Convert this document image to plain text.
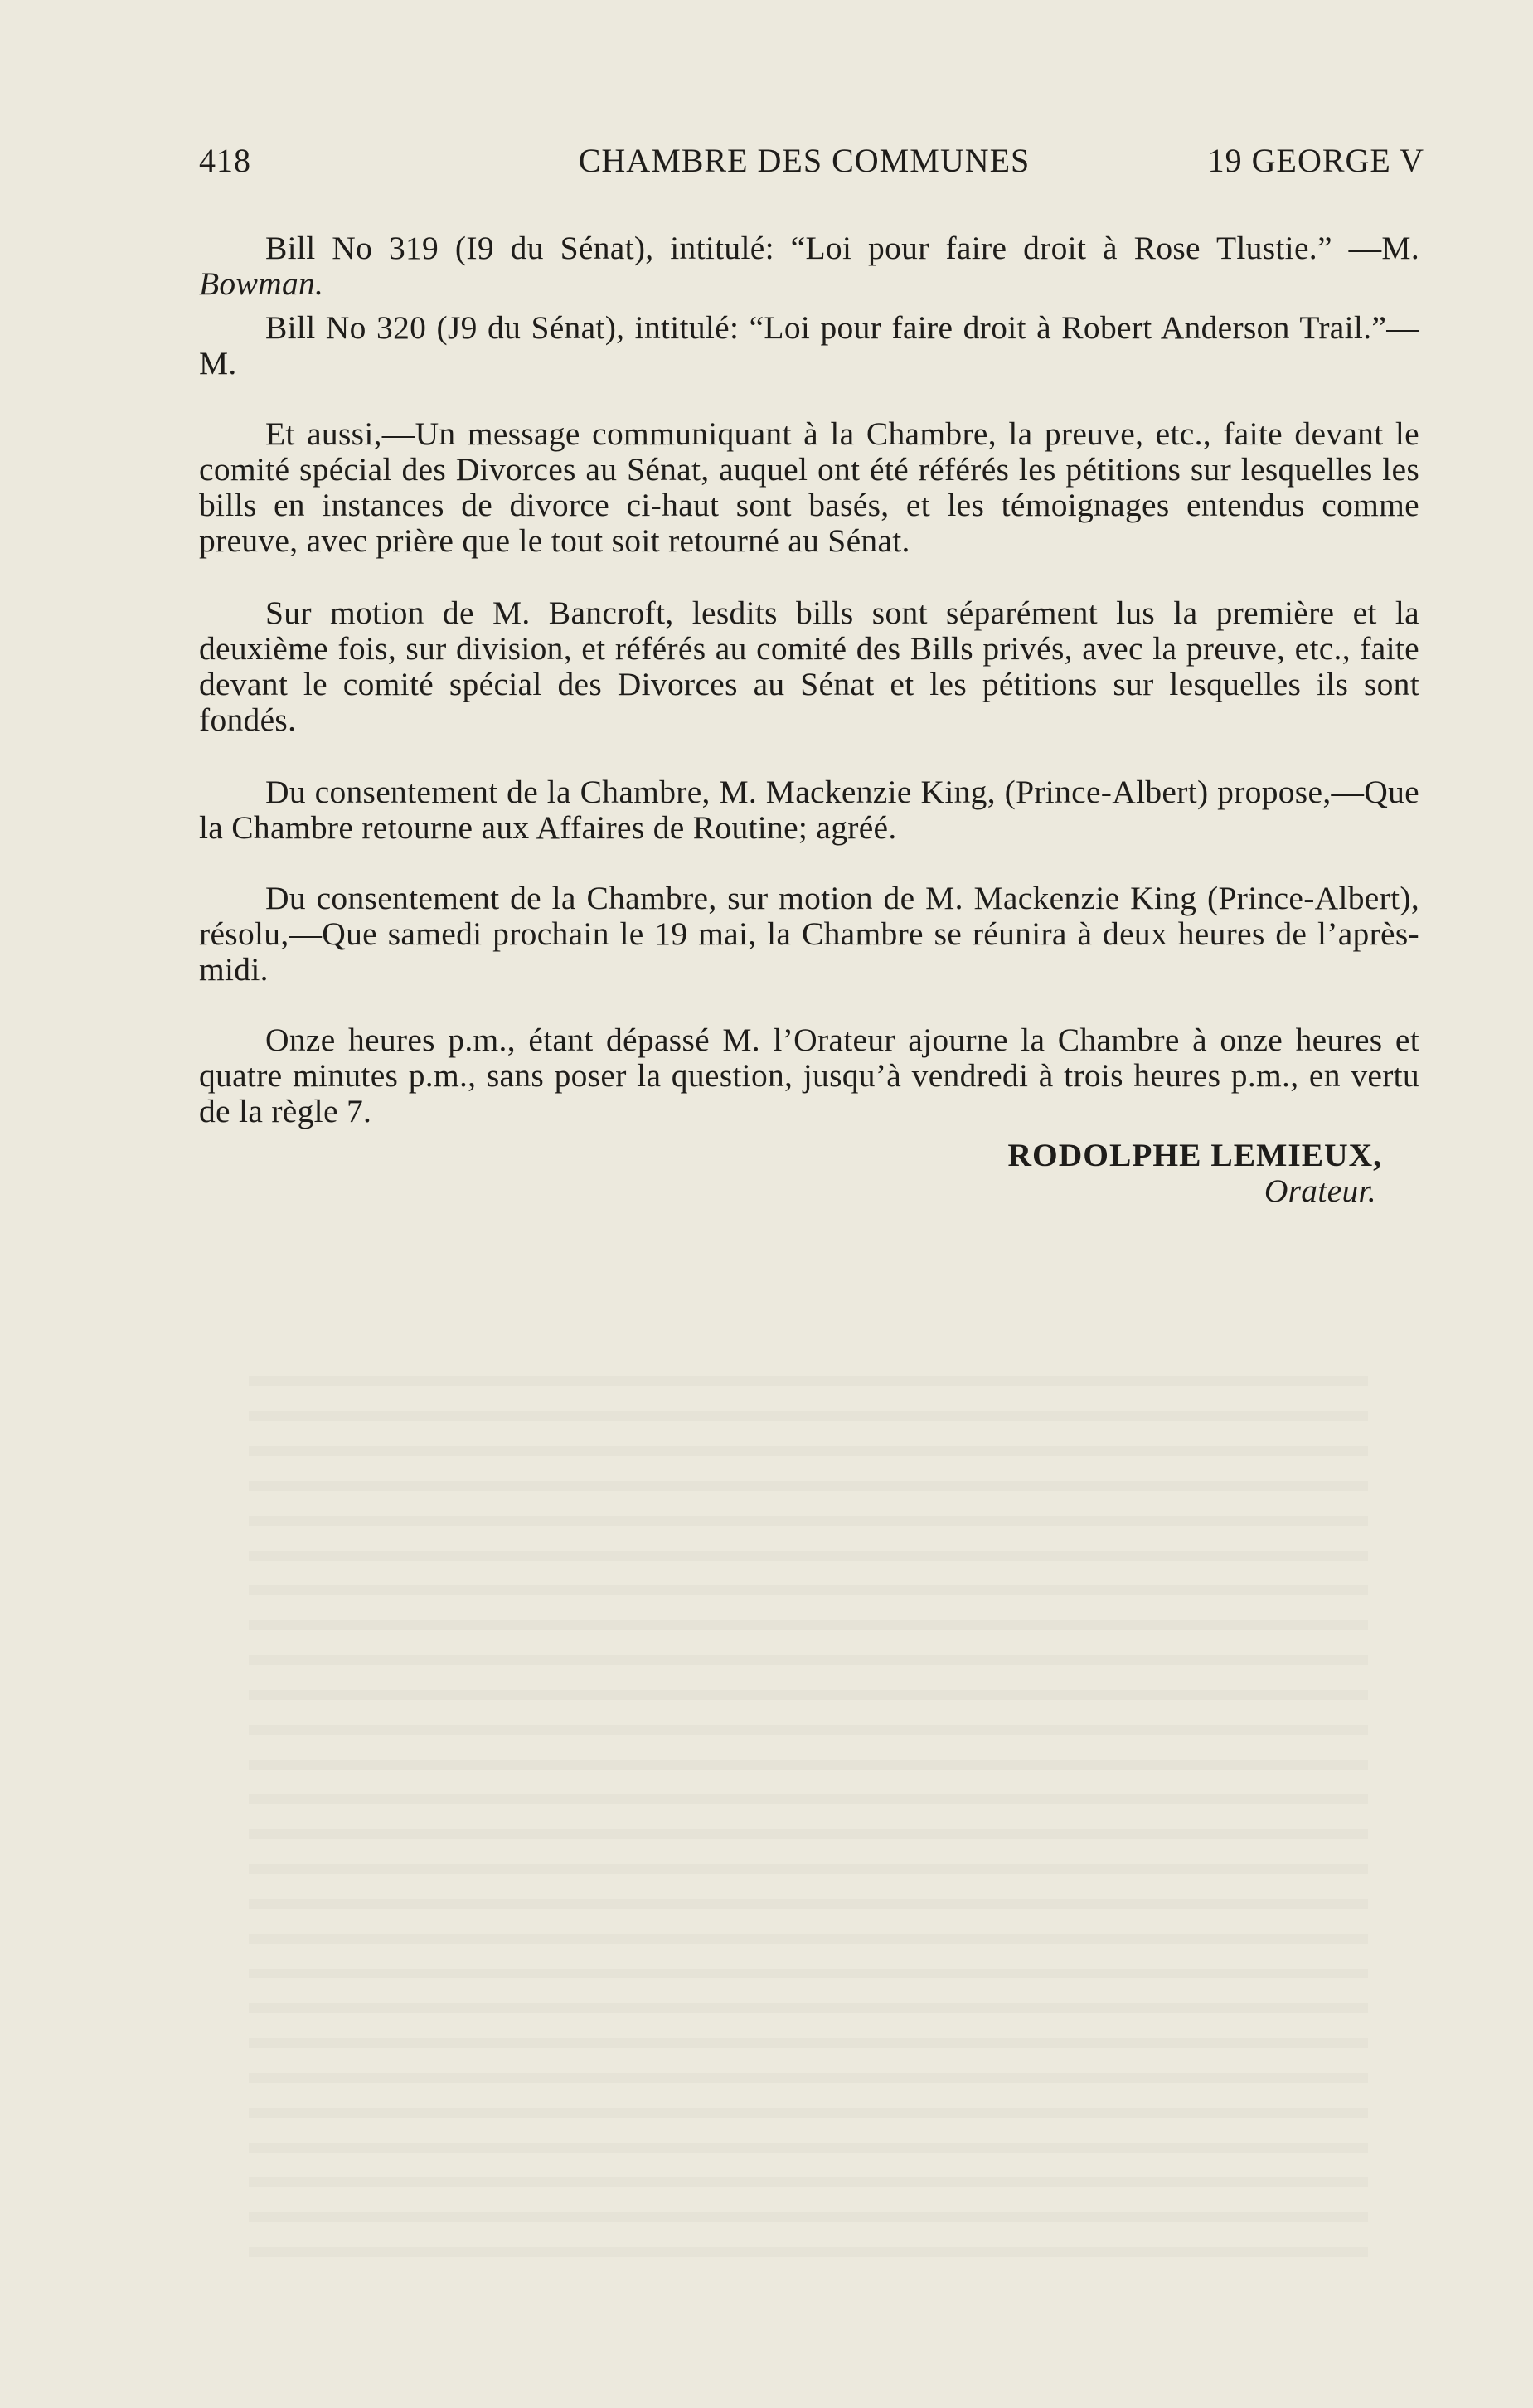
418	CHAMBRE DES COMMUNES	19 GEORGE V

Bill No 319 (I9 du Sénat), intitulé: “Loi pour faire droit à Rose Tlustie.” —M. Bowman.

Bill No 320 (J9 du Sénat), intitulé: “Loi pour faire droit à Robert Anderson Trail.”—M.

Et aussi,—Un message communiquant à la Chambre, la preuve, etc., faite devant le comité spécial des Divorces au Sénat, auquel ont été référés les pétitions sur lesquelles les bills en instances de divorce ci-haut sont basés, et les témoignages entendus comme preuve, avec prière que le tout soit retourné au Sénat.

Sur motion de M. Bancroft, lesdits bills sont séparément lus la première et la deuxième fois, sur division, et référés au comité des Bills privés, avec la preuve, etc., faite devant le comité spécial des Divorces au Sénat et les pétitions sur lesquelles ils sont fondés.

Du consentement de la Chambre, M. Mackenzie King, (Prince-Albert) propose,—Que la Chambre retourne aux Affaires de Routine; agréé.

Du consentement de la Chambre, sur motion de M. Mackenzie King (Prince-Albert), résolu,—Que samedi prochain le 19 mai, la Chambre se réunira à deux heures de l’après-midi.

Onze heures p.m., étant dépassé M. l’Orateur ajourne la Chambre à onze heures et quatre minutes p.m., sans poser la question, jusqu’à vendredi à trois heures p.m., en vertu de la règle 7.

RODOLPHE LEMIEUX,
Orateur.
